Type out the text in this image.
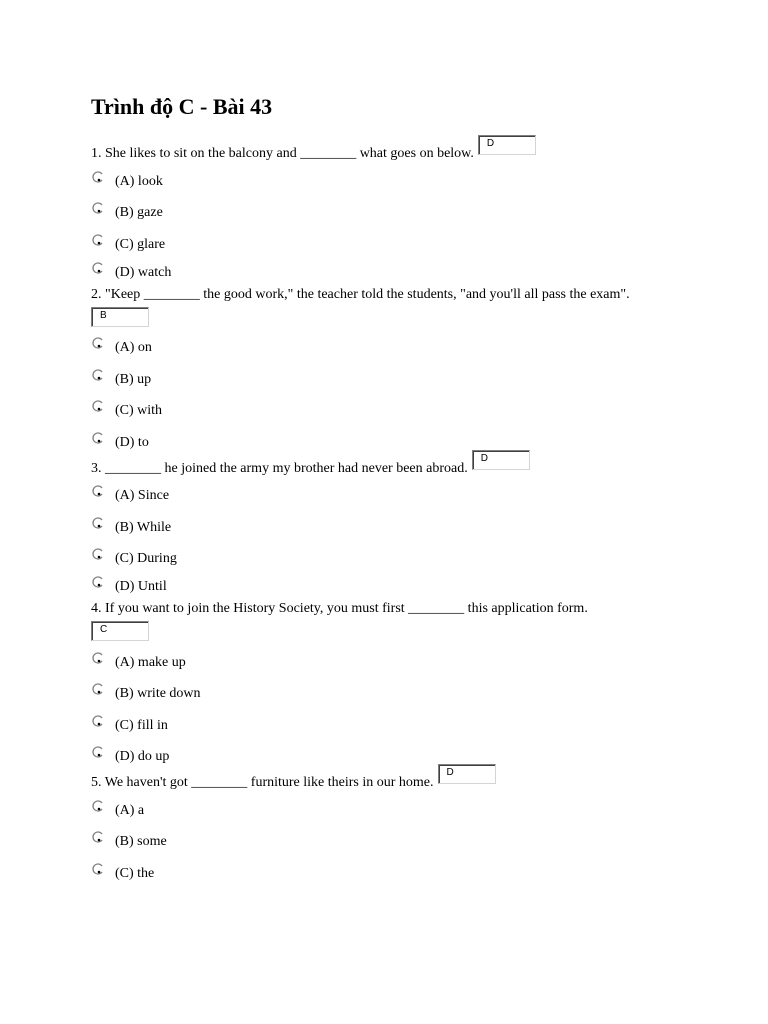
Trình độ C - Bài 43
1. She likes to sit on the balcony and ________ what goes on below.D
(A) look
(B) gaze
(C) glare
(D) watch
2. "Keep ________ the good work," the teacher told the students, "and you'll all pass the exam".
B
(A) on
(B) up
(C) with
(D) to
3. ________ he joined the army my brother had never been abroad.D
(A) Since
(B) While
(C) During
(D) Until
4. If you want to join the History Society, you must first ________ this application form.
C
(A) make up
(B) write down
(C) fill in
(D) do up
5. We haven't got ________ furniture like theirs in our home.D
(A) a
(B) some
(C) the
